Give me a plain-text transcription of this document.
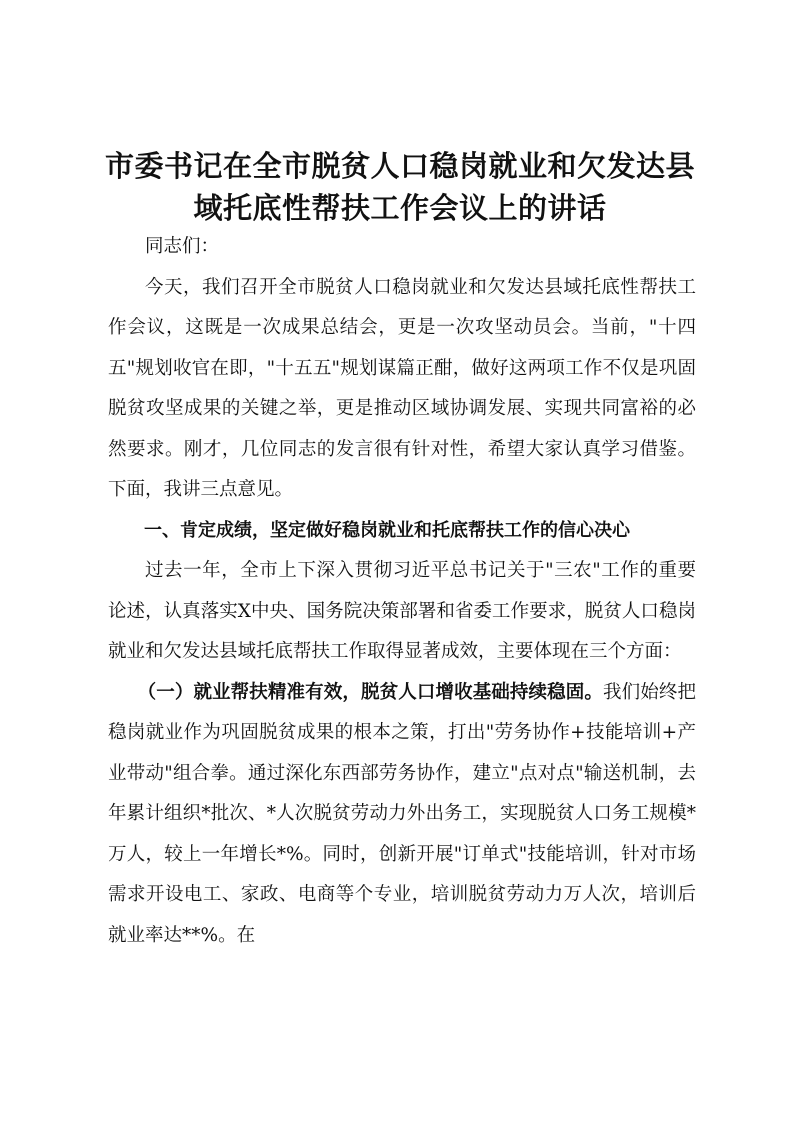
市委书记在全市脱贫人口稳岗就业和欠发达县
域托底性帮扶工作会议上的讲话

同志们：

今天，我们召开全市脱贫人口稳岗就业和欠发达县域托底性帮扶工作会议，这既是一次成果总结会，更是一次攻坚动员会。当前，"十四五"规划收官在即，"十五五"规划谋篇正酣，做好这两项工作不仅是巩固脱贫攻坚成果的关键之举，更是推动区域协调发展、实现共同富裕的必然要求。刚才，几位同志的发言很有针对性，希望大家认真学习借鉴。下面，我讲三点意见。

一、肯定成绩，坚定做好稳岗就业和托底帮扶工作的信心决心

过去一年，全市上下深入贯彻习近平总书记关于"三农"工作的重要论述，认真落实X中央、国务院决策部署和省委工作要求，脱贫人口稳岗就业和欠发达县域托底帮扶工作取得显著成效，主要体现在三个方面：

（一）就业帮扶精准有效，脱贫人口增收基础持续稳固。我们始终把稳岗就业作为巩固脱贫成果的根本之策，打出"劳务协作+技能培训+产业带动"组合拳。通过深化东西部劳务协作，建立"点对点"输送机制，去年累计组织*批次、*人次脱贫劳动力外出务工，实现脱贫人口务工规模*万人，较上一年增长*%。同时，创新开展"订单式"技能培训，针对市场需求开设电工、家政、电商等个专业，培训脱贫劳动力万人次，培训后就业率达**%。在
